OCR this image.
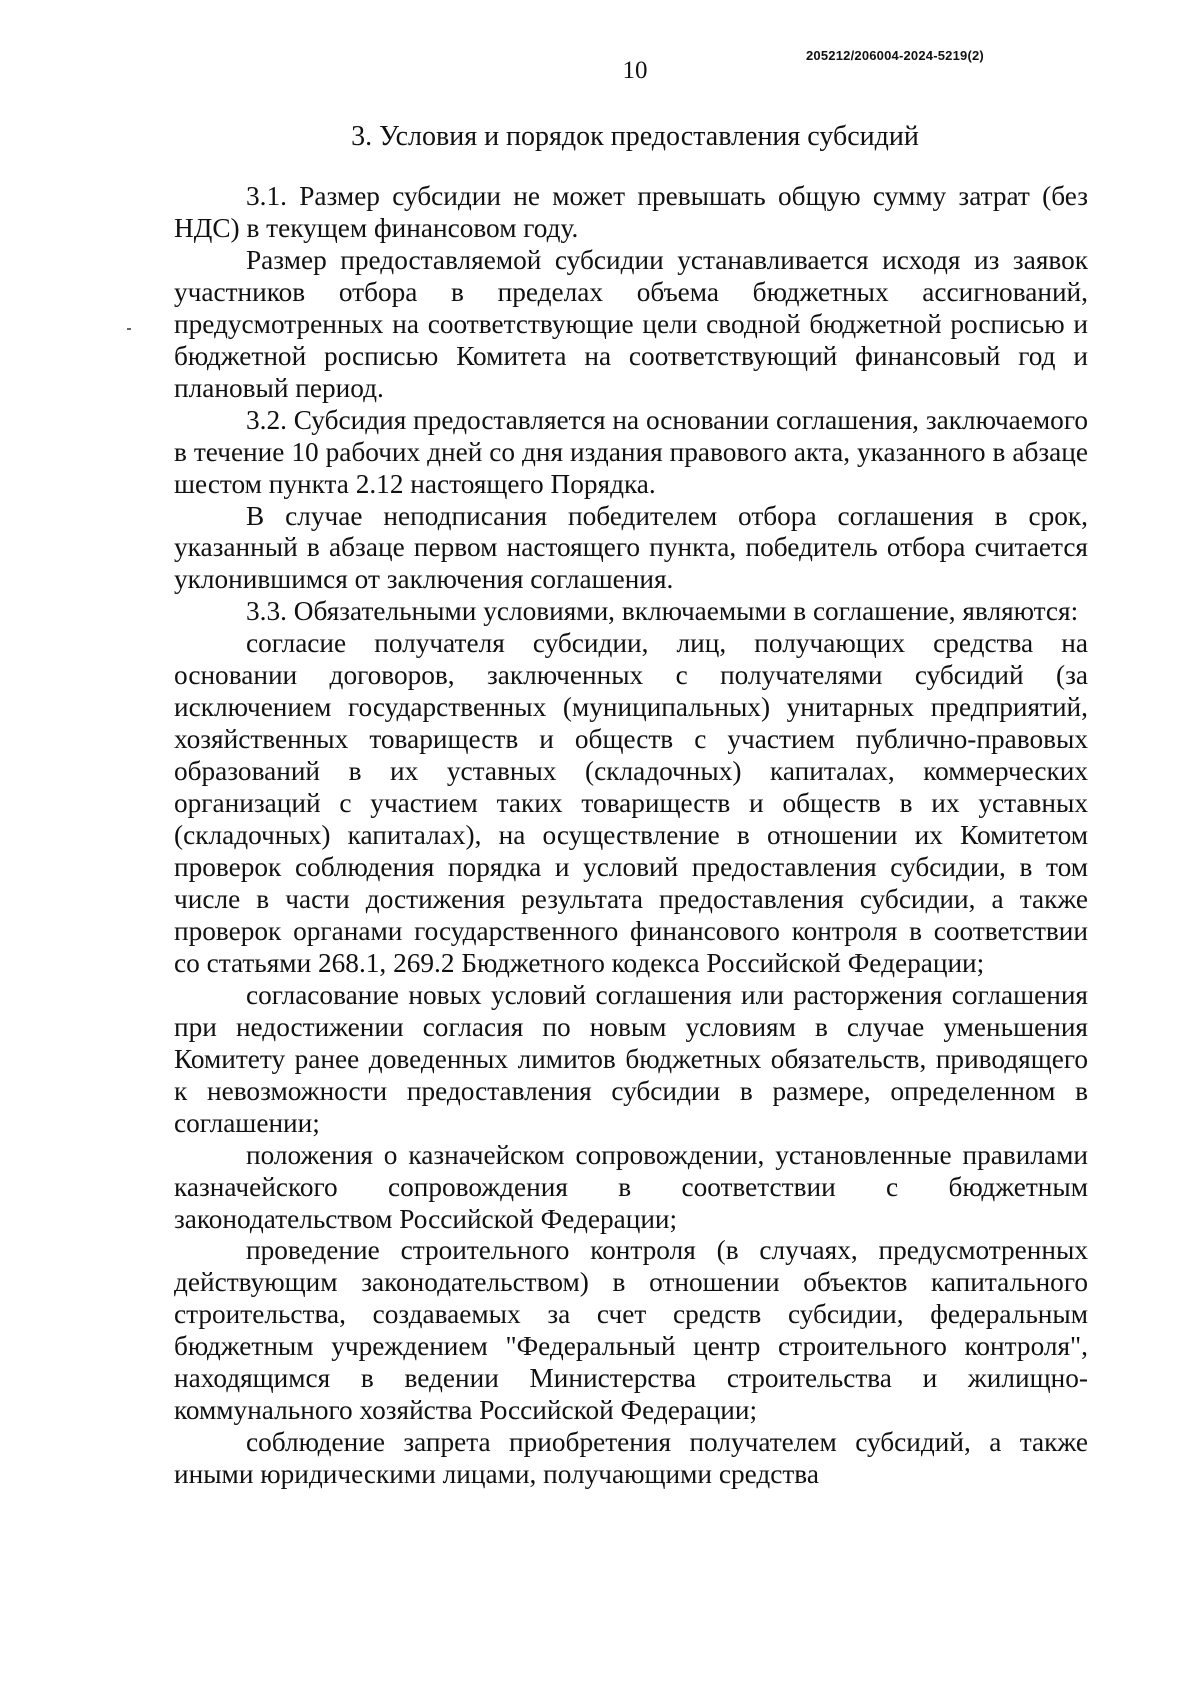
205212/206004-2024-5219(2)
10
3. Условия и порядок предоставления субсидий

3.1. Размер субсидии не может превышать общую сумму затрат (без НДС) в текущем финансовом году.

Размер предоставляемой субсидии устанавливается исходя из заявок участников отбора в пределах объема бюджетных ассигнований, предусмотренных на соответствующие цели сводной бюджетной росписью и бюджетной росписью Комитета на соответствующий финансовый год и плановый период.

3.2. Субсидия предоставляется на основании соглашения, заключаемого в течение 10 рабочих дней со дня издания правового акта, указанного в абзаце шестом пункта 2.12 настоящего Порядка.

В случае неподписания победителем отбора соглашения в срок, указанный в абзаце первом настоящего пункта, победитель отбора считается уклонившимся от заключения соглашения.

3.3. Обязательными условиями, включаемыми в соглашение, являются:

согласие получателя субсидии, лиц, получающих средства на основании договоров, заключенных с получателями субсидий (за исключением государственных (муниципальных) унитарных предприятий, хозяйственных товариществ и обществ с участием публично-правовых образований в их уставных (складочных) капиталах, коммерческих организаций с участием таких товариществ и обществ в их уставных (складочных) капиталах), на осуществление в отношении их Комитетом проверок соблюдения порядка и условий предоставления субсидии, в том числе в части достижения результата предоставления субсидии, а также проверок органами государственного финансового контроля в соответствии со статьями 268.1, 269.2 Бюджетного кодекса Российской Федерации;

согласование новых условий соглашения или расторжения соглашения при недостижении согласия по новым условиям в случае уменьшения Комитету ранее доведенных лимитов бюджетных обязательств, приводящего к невозможности предоставления субсидии в размере, определенном в соглашении;

положения о казначейском сопровождении, установленные правилами казначейского сопровождения в соответствии с бюджетным законодательством Российской Федерации;

проведение строительного контроля (в случаях, предусмотренных действующим законодательством) в отношении объектов капитального строительства, создаваемых за счет средств субсидии, федеральным бюджетным учреждением "Федеральный центр строительного контроля", находящимся в ведении Министерства строительства и жилищно-коммунального хозяйства Российской Федерации;

соблюдение запрета приобретения получателем субсидий, а также иными юридическими лицами, получающими средства
